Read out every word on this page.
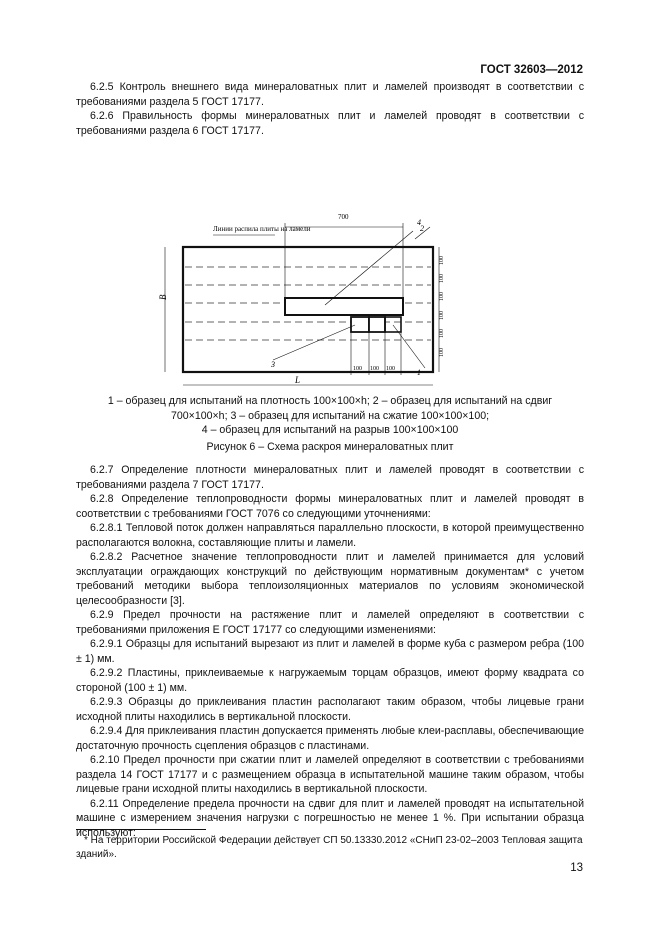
ГОСТ 32603—2012

6.2.5 Контроль внешнего вида минераловатных плит и ламелей производят в соответствии с требованиями раздела 5 ГОСТ 17177.

6.2.6 Правильность формы минераловатных плит и ламелей проводят в соответствии с требованиями раздела 6 ГОСТ 17177.

700
100
100
100
100
100
100
100 100 100
B
L
Линии распила плиты на ламели
4
1
2
3
1 – образец для испытаний на плотность 100×100×h; 2 – образец для испытаний на сдвиг
700×100×h; 3 – образец для испытаний на сжатие 100×100×100;
4 – образец для испытаний на разрыв 100×100×100
Рисунок 6 – Схема раскроя минераловатных плит

6.2.7 Определение плотности минераловатных плит и ламелей проводят в соответствии с требованиями раздела 7 ГОСТ 17177.

6.2.8 Определение теплопроводности формы минераловатных плит и ламелей проводят в соответствии с требованиями ГОСТ 7076 со следующими уточнениями:

6.2.8.1 Тепловой поток должен направляться параллельно плоскости, в которой преимущественно располагаются волокна, составляющие плиты и ламели.

6.2.8.2 Расчетное значение теплопроводности плит и ламелей принимается для условий эксплуатации ограждающих конструкций по действующим нормативным документам* с учетом требований методики выбора теплоизоляционных материалов по условиям экономической целесообразности [3].

6.2.9 Предел прочности на растяжение плит и ламелей определяют в соответствии с требованиями приложения Е ГОСТ 17177 со следующими изменениями:

6.2.9.1 Образцы для испытаний вырезают из плит и ламелей в форме куба с размером ребра (100 ± 1) мм.

6.2.9.2 Пластины, приклеиваемые к нагружаемым торцам образцов, имеют форму квадрата со стороной (100 ± 1) мм.

6.2.9.3 Образцы до приклеивания пластин располагают таким образом, чтобы лицевые грани исходной плиты находились в вертикальной плоскости.

6.2.9.4 Для приклеивания пластин допускается применять любые клеи-расплавы, обеспечивающие достаточную прочность сцепления образцов с пластинами.

6.2.10 Предел прочности при сжатии плит и ламелей определяют в соответствии с требованиями раздела 14 ГОСТ 17177 и с размещением образца в испытательной машине таким образом, чтобы лицевые грани исходной плиты находились в вертикальной плоскости.

6.2.11 Определение предела прочности на сдвиг для плит и ламелей проводят на испытательной машине с измерением значения нагрузки с погрешностью не менее 1 %. При испытании образца используют:

* На территории Российской Федерации действует СП 50.13330.2012 «СНиП 23-02–2003 Тепловая защита зданий».

13
